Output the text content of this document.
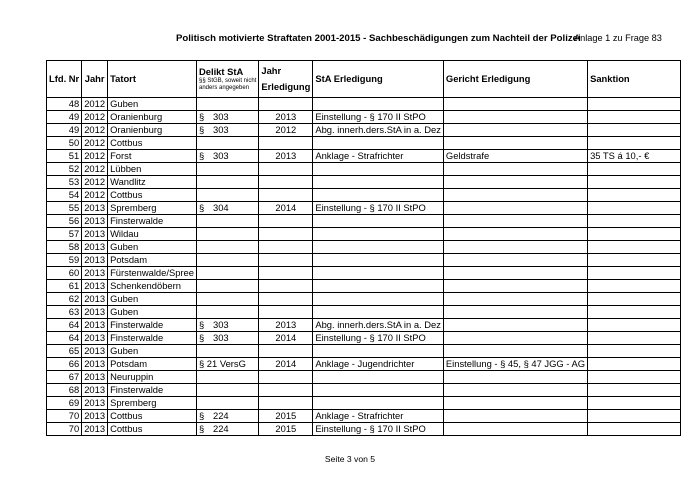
Politisch motivierte Straftaten 2001-2015 - Sachbeschädigungen zum Nachteil der Polizei
Anlage 1 zu Frage 83
Lfd. Nr	Jahr	Tatort	Delikt StA
§§ StGB, soweit nicht
anders angegeben	Jahr
Erledigung	StA Erledigung	Gericht Erledigung	Sanktion
48	2012	Guben					
49	2012	Oranienburg	§ 303	2013	Einstellung - § 170 II StPO		
49	2012	Oranienburg	§ 303	2012	Abg. innerh.ders.StA in a. Dez		
50	2012	Cottbus					
51	2012	Forst	§ 303	2013	Anklage - Strafrichter	Geldstrafe	35 TS á 10,- €
52	2012	Lübben					
53	2012	Wandlitz					
54	2012	Cottbus					
55	2013	Spremberg	§ 304	2014	Einstellung - § 170 II StPO		
56	2013	Finsterwalde					
57	2013	Wildau					
58	2013	Guben					
59	2013	Potsdam					
60	2013	Fürstenwalde/Spree					
61	2013	Schenkendöbern					
62	2013	Guben					
63	2013	Guben					
64	2013	Finsterwalde	§ 303	2013	Abg. innerh.ders.StA in a. Dez		
64	2013	Finsterwalde	§ 303	2014	Einstellung - § 170 II StPO		
65	2013	Guben					
66	2013	Potsdam	§ 21 VersG	2014	Anklage - Jugendrichter	Einstellung - § 45, § 47 JGG - AG	
67	2013	Neuruppin					
68	2013	Finsterwalde					
69	2013	Spremberg					
70	2013	Cottbus	§ 224	2015	Anklage - Strafrichter		
70	2013	Cottbus	§ 224	2015	Einstellung - § 170 II StPO		
Seite 3 von 5
